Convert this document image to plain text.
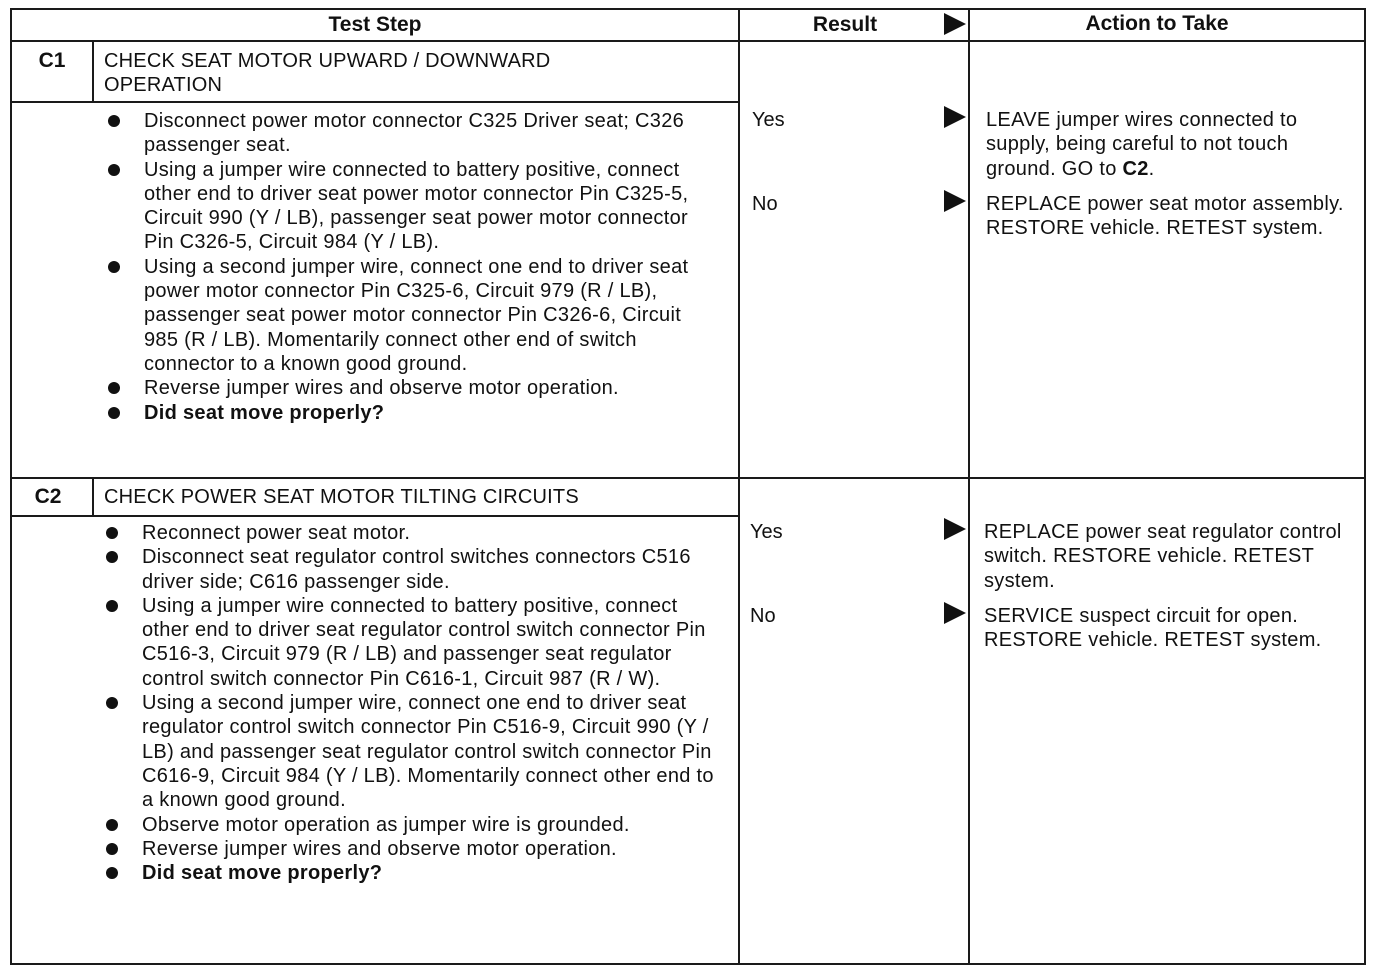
Test Step	Result	Action to Take
C1	CHECK SEAT MOTOR UPWARD / DOWNWARD OPERATION
Disconnect power motor connector C325 Driver seat; C326 passenger seat.
Using a jumper wire connected to battery positive, connect other end to driver seat power motor connector Pin C325-5, Circuit 990 (Y / LB), passenger seat power motor connector Pin C326-5, Circuit 984 (Y / LB).
Using a second jumper wire, connect one end to driver seat power motor connector Pin C325-6, Circuit 979 (R / LB), passenger seat power motor connector Pin C326-6, Circuit 985 (R / LB). Momentarily connect other end of switch connector to a known good ground.
Reverse jumper wires and observe motor operation.
Did seat move properly?
Yes	LEAVE jumper wires connected to supply, being careful to not touch ground. GO to C2.
No	REPLACE power seat motor assembly. RESTORE vehicle. RETEST system.
C2	CHECK POWER SEAT MOTOR TILTING CIRCUITS
Reconnect power seat motor.
Disconnect seat regulator control switches connectors C516 driver side; C616 passenger side.
Using a jumper wire connected to battery positive, connect other end to driver seat regulator control switch connector Pin C516-3, Circuit 979 (R / LB) and passenger seat regulator control switch connector Pin C616-1, Circuit 987 (R / W).
Using a second jumper wire, connect one end to driver seat regulator control switch connector Pin C516-9, Circuit 990 (Y / LB) and passenger seat regulator control switch connector Pin C616-9, Circuit 984 (Y / LB). Momentarily connect other end to a known good ground.
Observe motor operation as jumper wire is grounded.
Reverse jumper wires and observe motor operation.
Did seat move properly?
Yes	REPLACE power seat regulator control switch. RESTORE vehicle. RETEST system.
No	SERVICE suspect circuit for open. RESTORE vehicle. RETEST system.
